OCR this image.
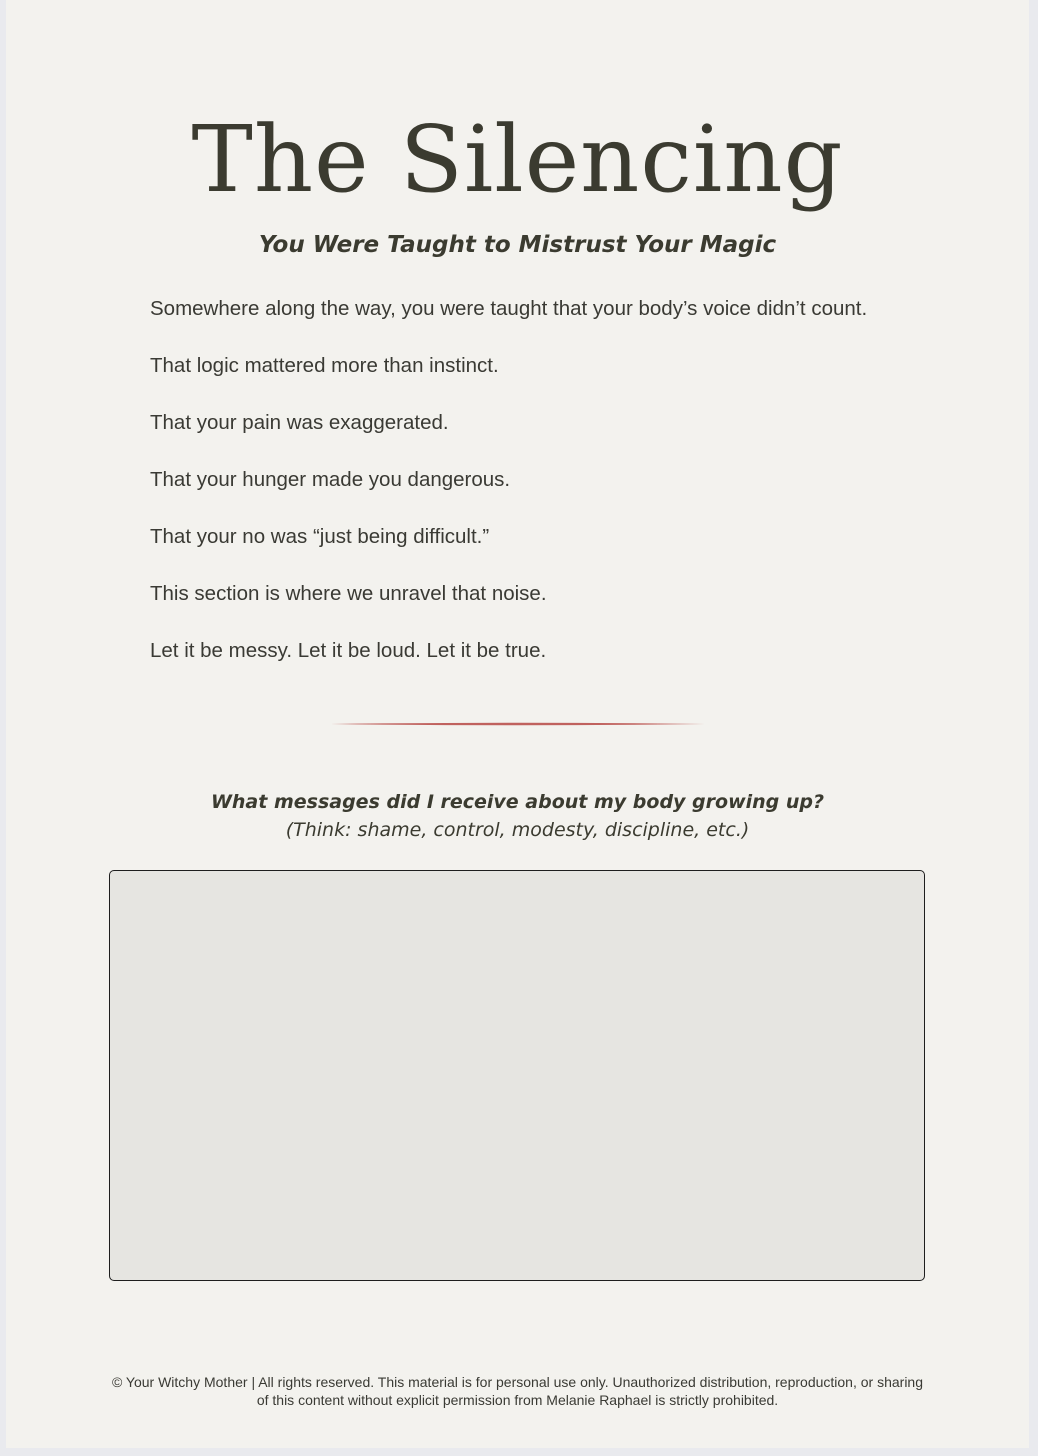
The Silencing
You Were Taught to Mistrust Your Magic

Somewhere along the way, you were taught that your body’s voice didn’t count.

That logic mattered more than instinct.

That your pain was exaggerated.

That your hunger made you dangerous.

That your no was “just being difficult.”

This section is where we unravel that noise.

Let it be messy. Let it be loud. Let it be true.

What messages did I receive about my body growing up?

(Think: shame, control, modesty, discipline, etc.)

© Your Witchy Mother | All rights reserved. This material is for personal use only. Unauthorized distribution, reproduction, or sharing of this content without explicit permission from Melanie Raphael is strictly prohibited.
